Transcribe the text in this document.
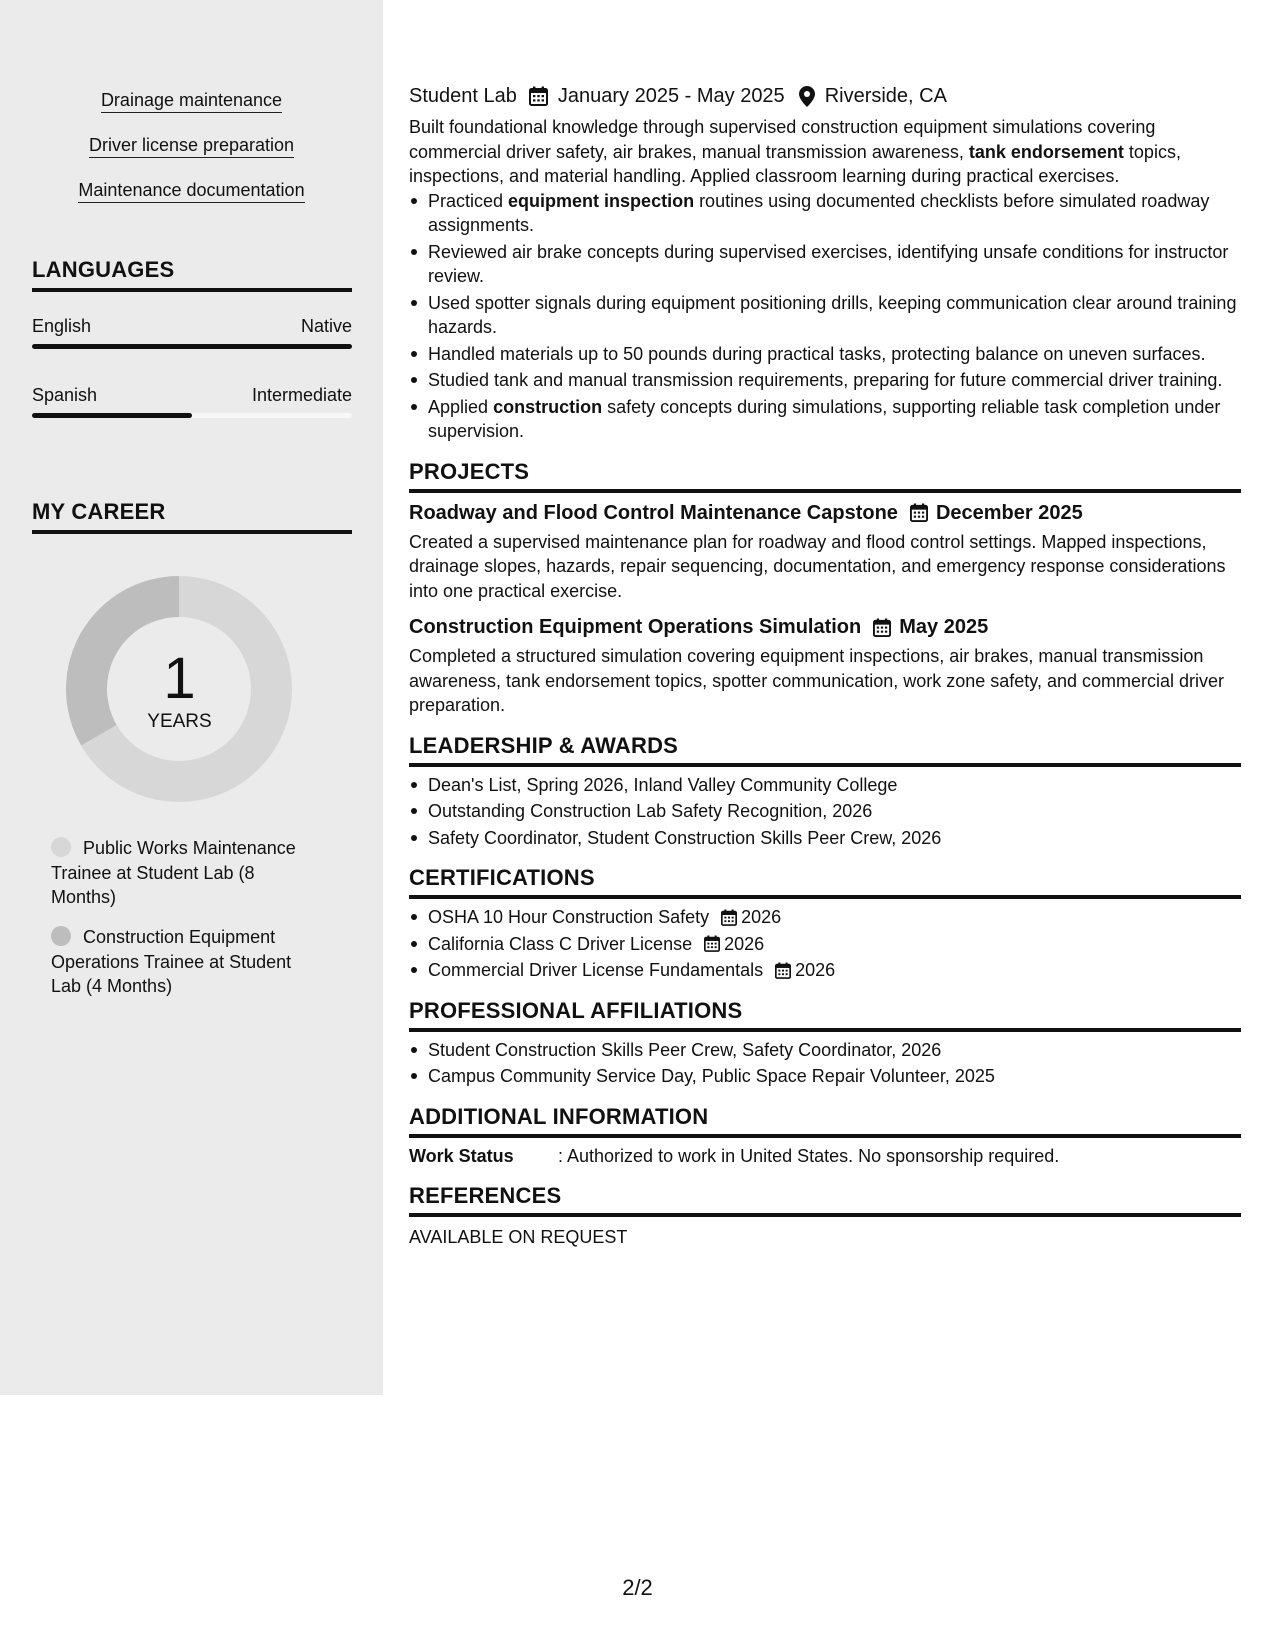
Drainage maintenance
Driver license preparation
Maintenance documentation
LANGUAGES
English	Native
Spanish	Intermediate
MY CAREER
1
YEARS
Public Works Maintenance Trainee at Student Lab (8 Months)
Construction Equipment Operations Trainee at Student Lab (4 Months)
Student Lab January 2025 - May 2025 Riverside, CA
Built foundational knowledge through supervised construction equipment simulations covering commercial driver safety, air brakes, manual transmission awareness, tank endorsement topics, inspections, and material handling. Applied classroom learning during practical exercises.
Practiced equipment inspection routines using documented checklists before simulated roadway assignments.
Reviewed air brake concepts during supervised exercises, identifying unsafe conditions for instructor review.
Used spotter signals during equipment positioning drills, keeping communication clear around training hazards.
Handled materials up to 50 pounds during practical tasks, protecting balance on uneven surfaces.
Studied tank and manual transmission requirements, preparing for future commercial driver training.
Applied construction safety concepts during simulations, supporting reliable task completion under supervision.
PROJECTS
Roadway and Flood Control Maintenance Capstone December 2025
Created a supervised maintenance plan for roadway and flood control settings. Mapped inspections, drainage slopes, hazards, repair sequencing, documentation, and emergency response considerations into one practical exercise.
Construction Equipment Operations Simulation May 2025
Completed a structured simulation covering equipment inspections, air brakes, manual transmission awareness, tank endorsement topics, spotter communication, work zone safety, and commercial driver preparation.
LEADERSHIP & AWARDS
Dean's List, Spring 2026, Inland Valley Community College
Outstanding Construction Lab Safety Recognition, 2026
Safety Coordinator, Student Construction Skills Peer Crew, 2026
CERTIFICATIONS
OSHA 10 Hour Construction Safety 2026
California Class C Driver License 2026
Commercial Driver License Fundamentals 2026
PROFESSIONAL AFFILIATIONS
Student Construction Skills Peer Crew, Safety Coordinator, 2026
Campus Community Service Day, Public Space Repair Volunteer, 2025
ADDITIONAL INFORMATION
Work Status	: Authorized to work in United States. No sponsorship required.
REFERENCES
AVAILABLE ON REQUEST
2/2
